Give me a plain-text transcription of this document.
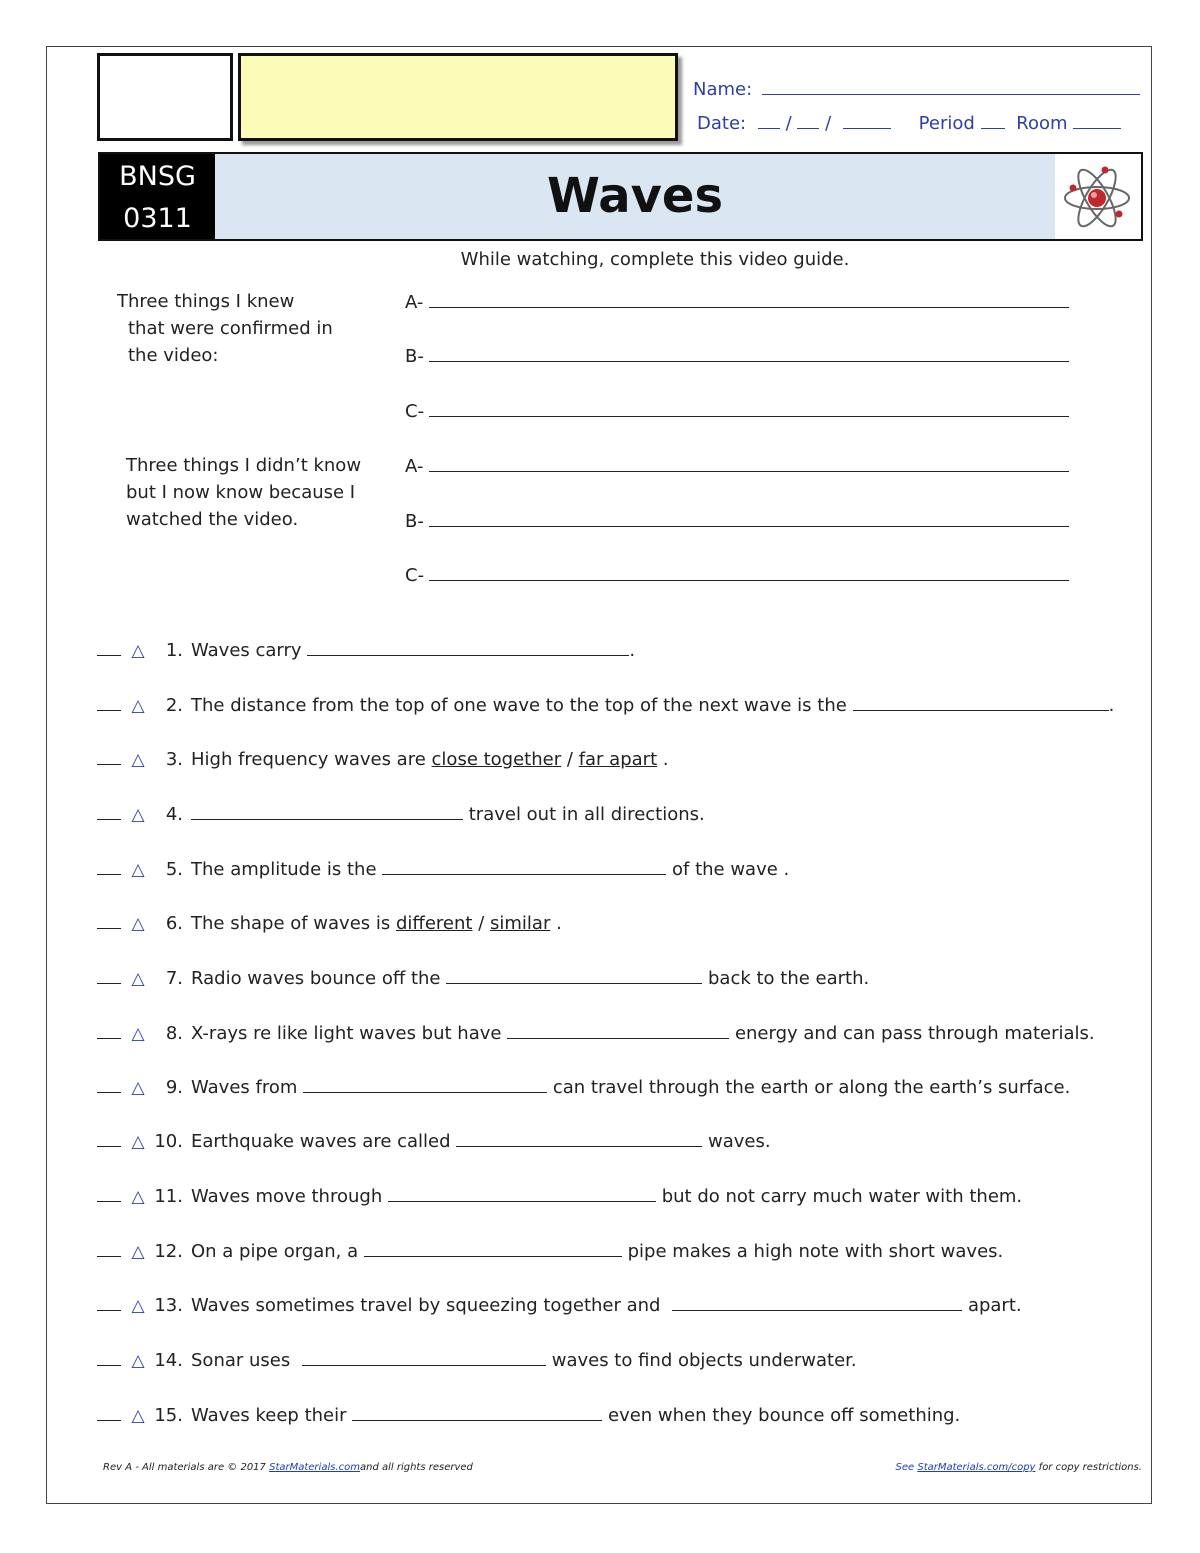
Name:
Date: / /	Period Room
BNSG
0311	Waves
While watching, complete this video guide.
Three things I knew
that were confirmed in
the video:
A-
B-
C-
Three things I didn’t know
but I now know because I
watched the video.
A-
B-
C-
△ 1. Waves carry	.
△ 2. The distance from the top of one wave to the top of the next wave is the	.
△ 3. High frequency waves are close together / far apart .
△ 4.	travel out in all directions.
△ 5. The amplitude is the	of the wave .
△ 6. The shape of waves is different / similar .
△ 7. Radio waves bounce off the	back to the earth.
△ 8. X-rays re like light waves but have	energy and can pass through materials.
△ 9. Waves from	can travel through the earth or along the earth’s surface.
△ 10. Earthquake waves are called	waves.
△ 11. Waves move through	but do not carry much water with them.
△ 12. On a pipe organ, a	pipe makes a high note with short waves.
△ 13. Waves sometimes travel by squeezing together and	apart.
△ 14. Sonar uses	waves to find objects underwater.
△ 15. Waves keep their	even when they bounce off something.
Rev A - All materials are © 2017 StarMaterials.comand all rights reserved	See StarMaterials.com/copy for copy restrictions.
